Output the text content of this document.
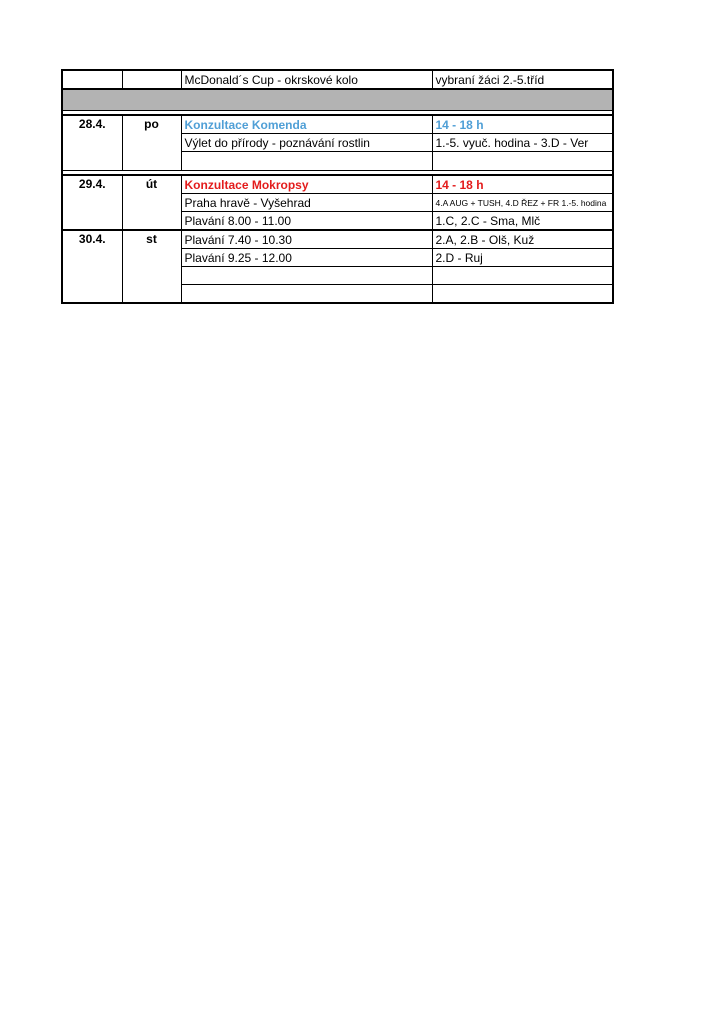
		McDonald´s Cup - okrskové kolo	vybraní žáci 2.-5.tříd

28.4.	po	Konzultace Komenda	14 - 18 h
		Výlet do přírody - poznávání rostlin	1.-5. vyuč. hodina - 3.D - Ver

29.4.	út	Konzultace Mokropsy	14 - 18 h
		Praha hravě - Vyšehrad	4.A AUG + TUSH, 4.D ŘEZ + FR 1.-5. hodina
		Plavání 8.00 - 11.00	1.C, 2.C - Sma, Mlč
30.4.	st	Plavání 7.40 - 10.30	2.A, 2.B - Olš, Kuž
		Plavání 9.25 - 12.00	2.D - Ruj
